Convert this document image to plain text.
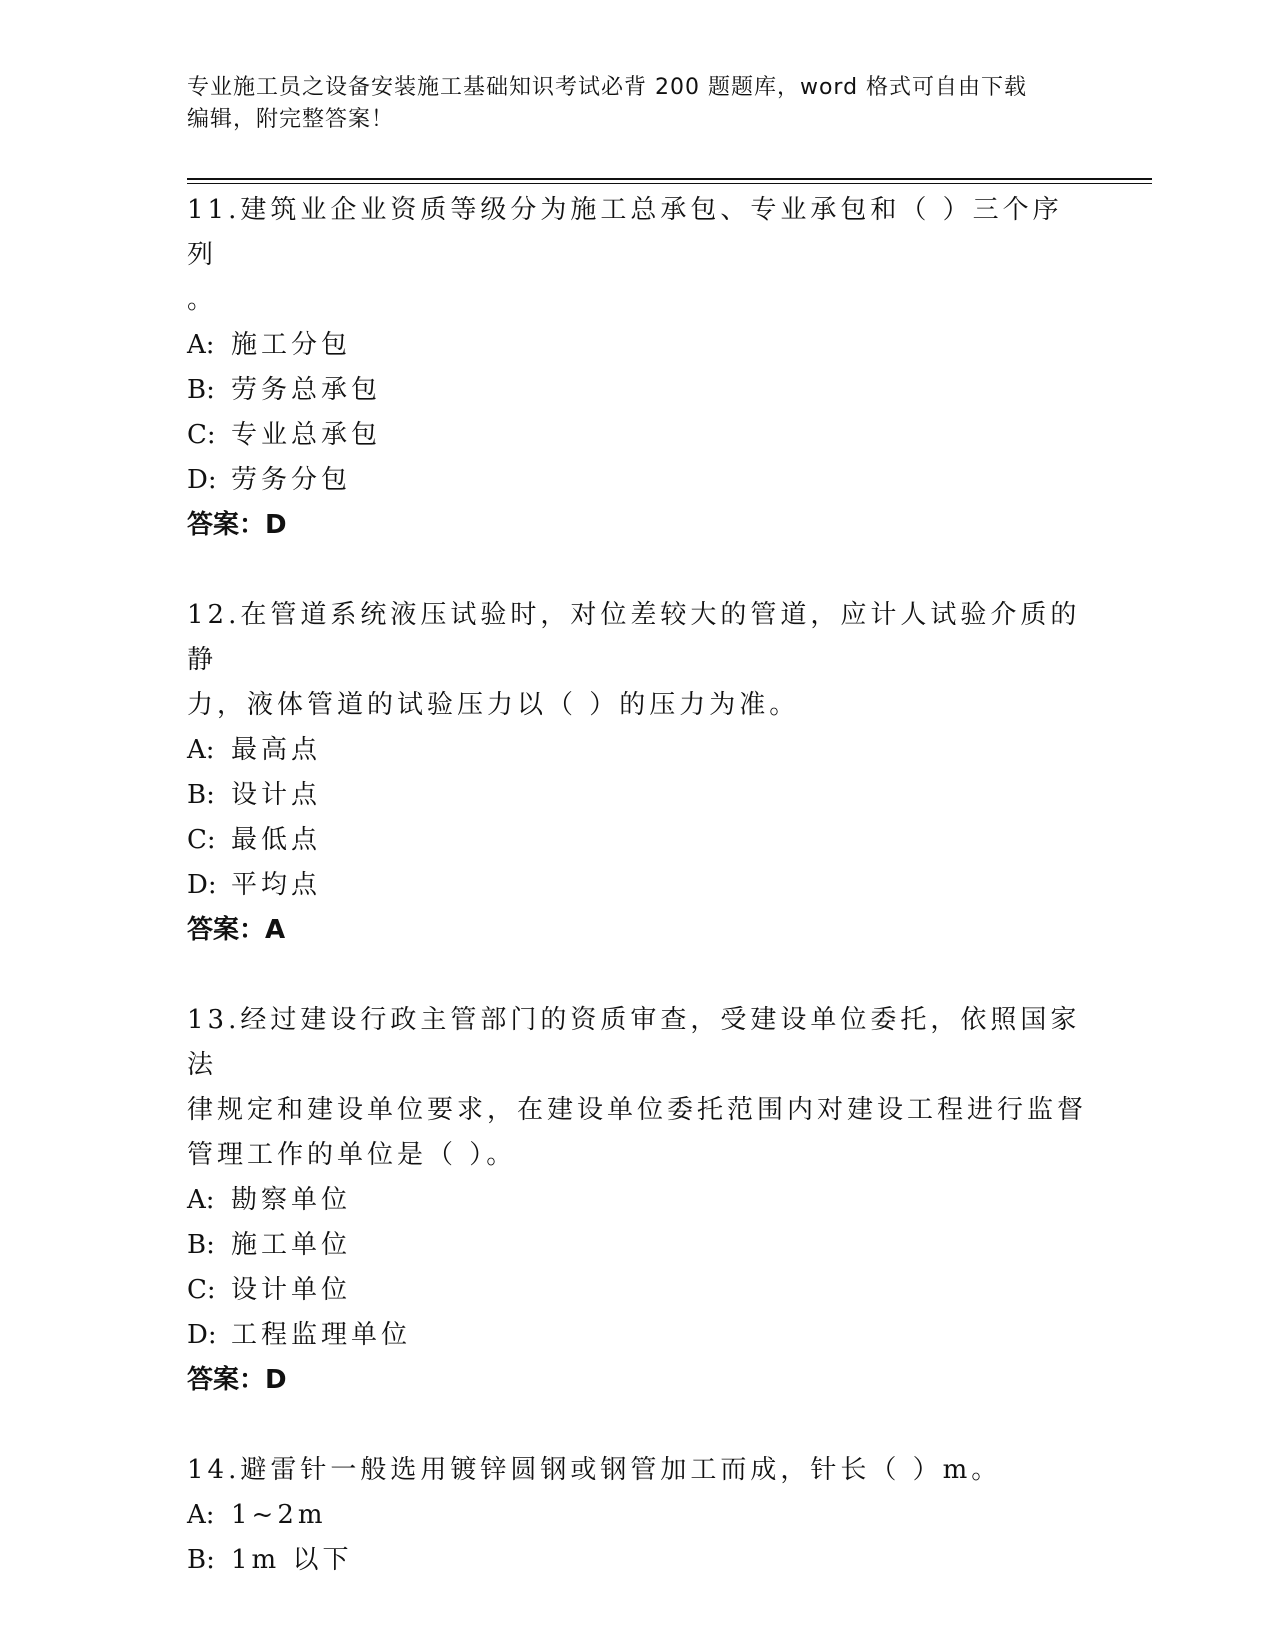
专业施工员之设备安装施工基础知识考试必背 200 题题库，word 格式可自由下载
编辑，附完整答案！

11.建筑业企业资质等级分为施工总承包、专业承包和（ ）三个序列

。

A: 施工分包
B: 劳务总承包
C: 专业总承包
D: 劳务分包
答案：D

12.在管道系统液压试验时，对位差较大的管道，应计人试验介质的静

力，液体管道的试验压力以（ ）的压力为准。

A: 最高点
B: 设计点
C: 最低点
D: 平均点
答案：A

13.经过建设行政主管部门的资质审查，受建设单位委托，依照国家法

律规定和建设单位要求，在建设单位委托范围内对建设工程进行监督

管理工作的单位是（ ）。

A: 勘察单位
B: 施工单位
C: 设计单位
D: 工程监理单位
答案：D

14.避雷针一般选用镀锌圆钢或钢管加工而成，针长（ ）m。

A: 1~2m
B: 1m 以下
